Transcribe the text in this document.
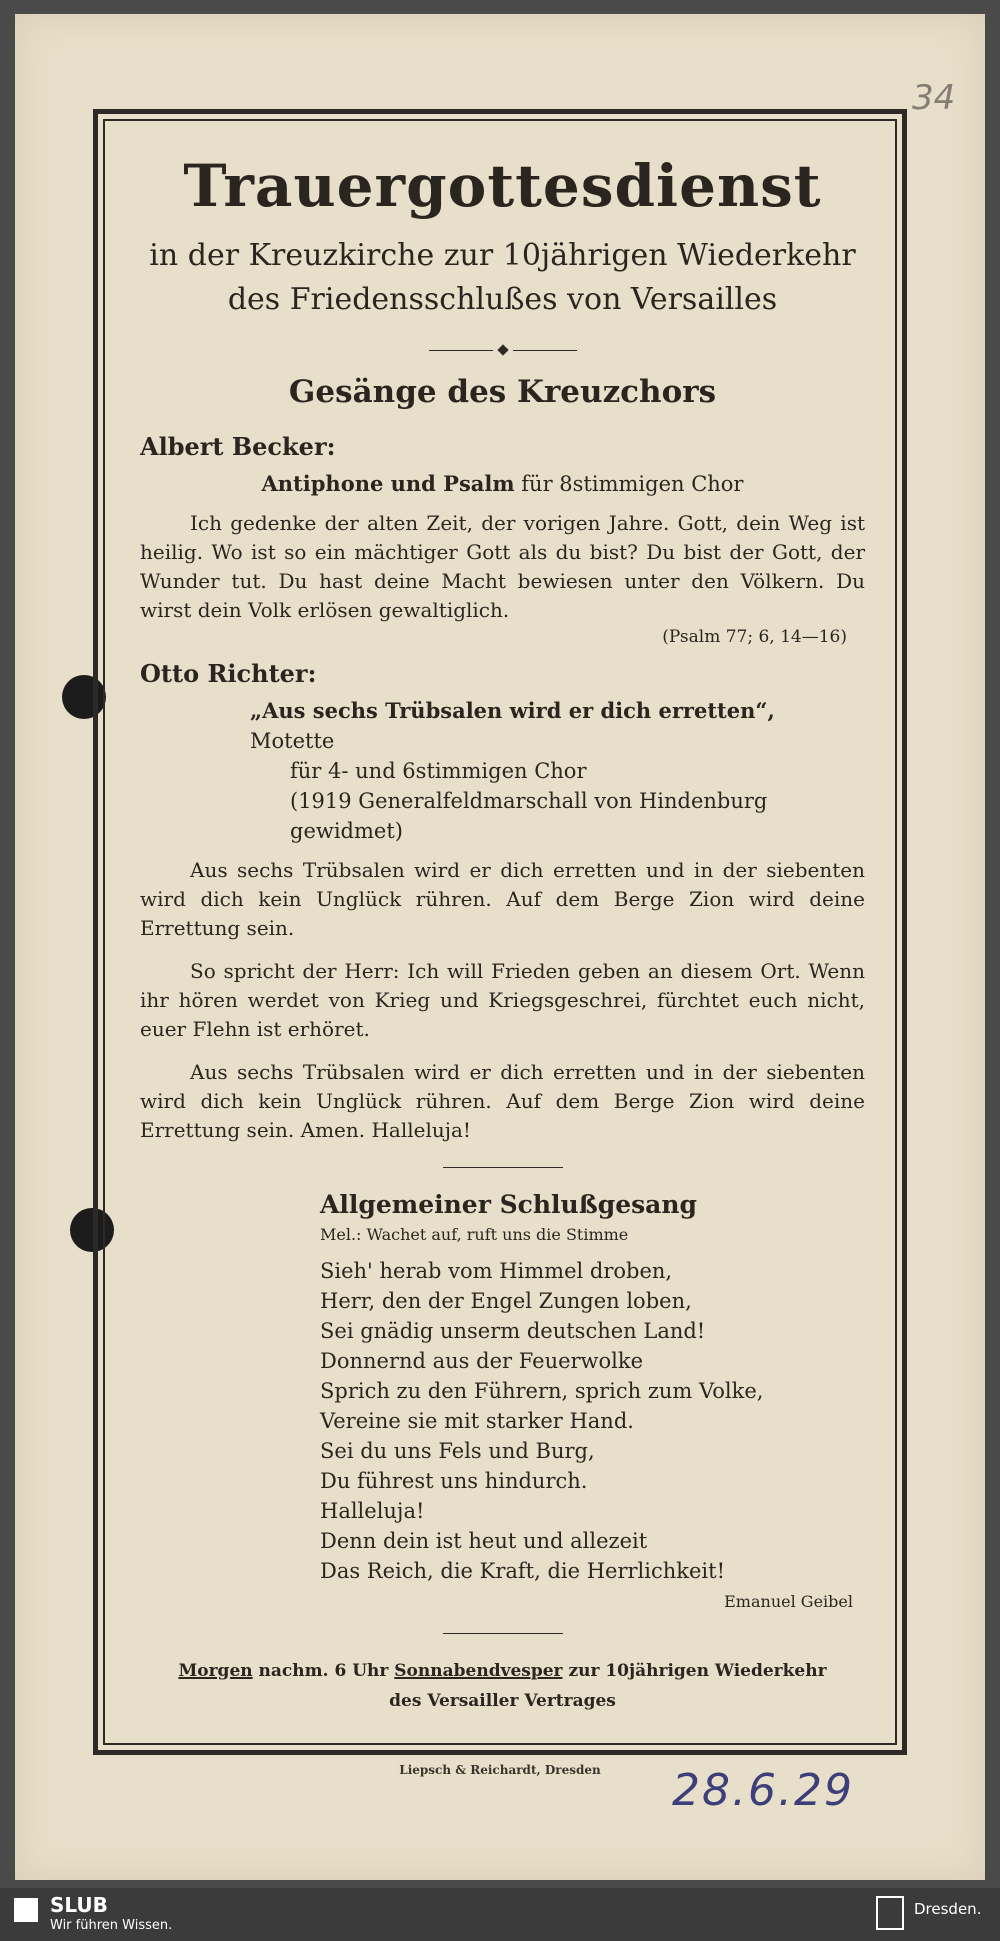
34
Trauergottesdienst
in der Kreuzkirche zur 10jährigen Wiederkehr
des Friedensschlußes von Versailles
Gesänge des Kreuzchors
Albert Becker:
Antiphone und Psalm für 8stimmigen Chor

Ich gedenke der alten Zeit, der vorigen Jahre. Gott, dein Weg ist heilig. Wo ist so ein mächtiger Gott als du bist? Du bist der Gott, der Wunder tut. Du hast deine Macht bewiesen unter den Völkern. Du wirst dein Volk erlösen gewaltiglich.

(Psalm 77; 6, 14—16)
Otto Richter:
„Aus sechs Trübsalen wird er dich erretten“, Motette
für 4- und 6stimmigen Chor
(1919 Generalfeldmarschall von Hindenburg gewidmet)

Aus sechs Trübsalen wird er dich erretten und in der siebenten wird dich kein Unglück rühren. Auf dem Berge Zion wird deine Errettung sein.

So spricht der Herr: Ich will Frieden geben an diesem Ort. Wenn ihr hören werdet von Krieg und Kriegsgeschrei, fürchtet euch nicht, euer Flehn ist erhöret.

Aus sechs Trübsalen wird er dich erretten und in der siebenten wird dich kein Unglück rühren. Auf dem Berge Zion wird deine Errettung sein. Amen. Halleluja!

Allgemeiner Schlußgesang
Mel.: Wachet auf, ruft uns die Stimme
Sieh' herab vom Himmel droben,
Herr, den der Engel Zungen loben,
Sei gnädig unserm deutschen Land!
Donnernd aus der Feuerwolke
Sprich zu den Führern, sprich zum Volke,
Vereine sie mit starker Hand.
Sei du uns Fels und Burg,
Du führest uns hindurch.
Halleluja!
Denn dein ist heut und allezeit
Das Reich, die Kraft, die Herrlichkeit!
Emanuel Geibel
Morgen nachm. 6 Uhr Sonnabendvesper zur 10jährigen Wiederkehr
des Versailler Vertrages
Liepsch & Reichardt, Dresden	28.6.29
SLUB
Wir führen Wissen.
Dresden.
